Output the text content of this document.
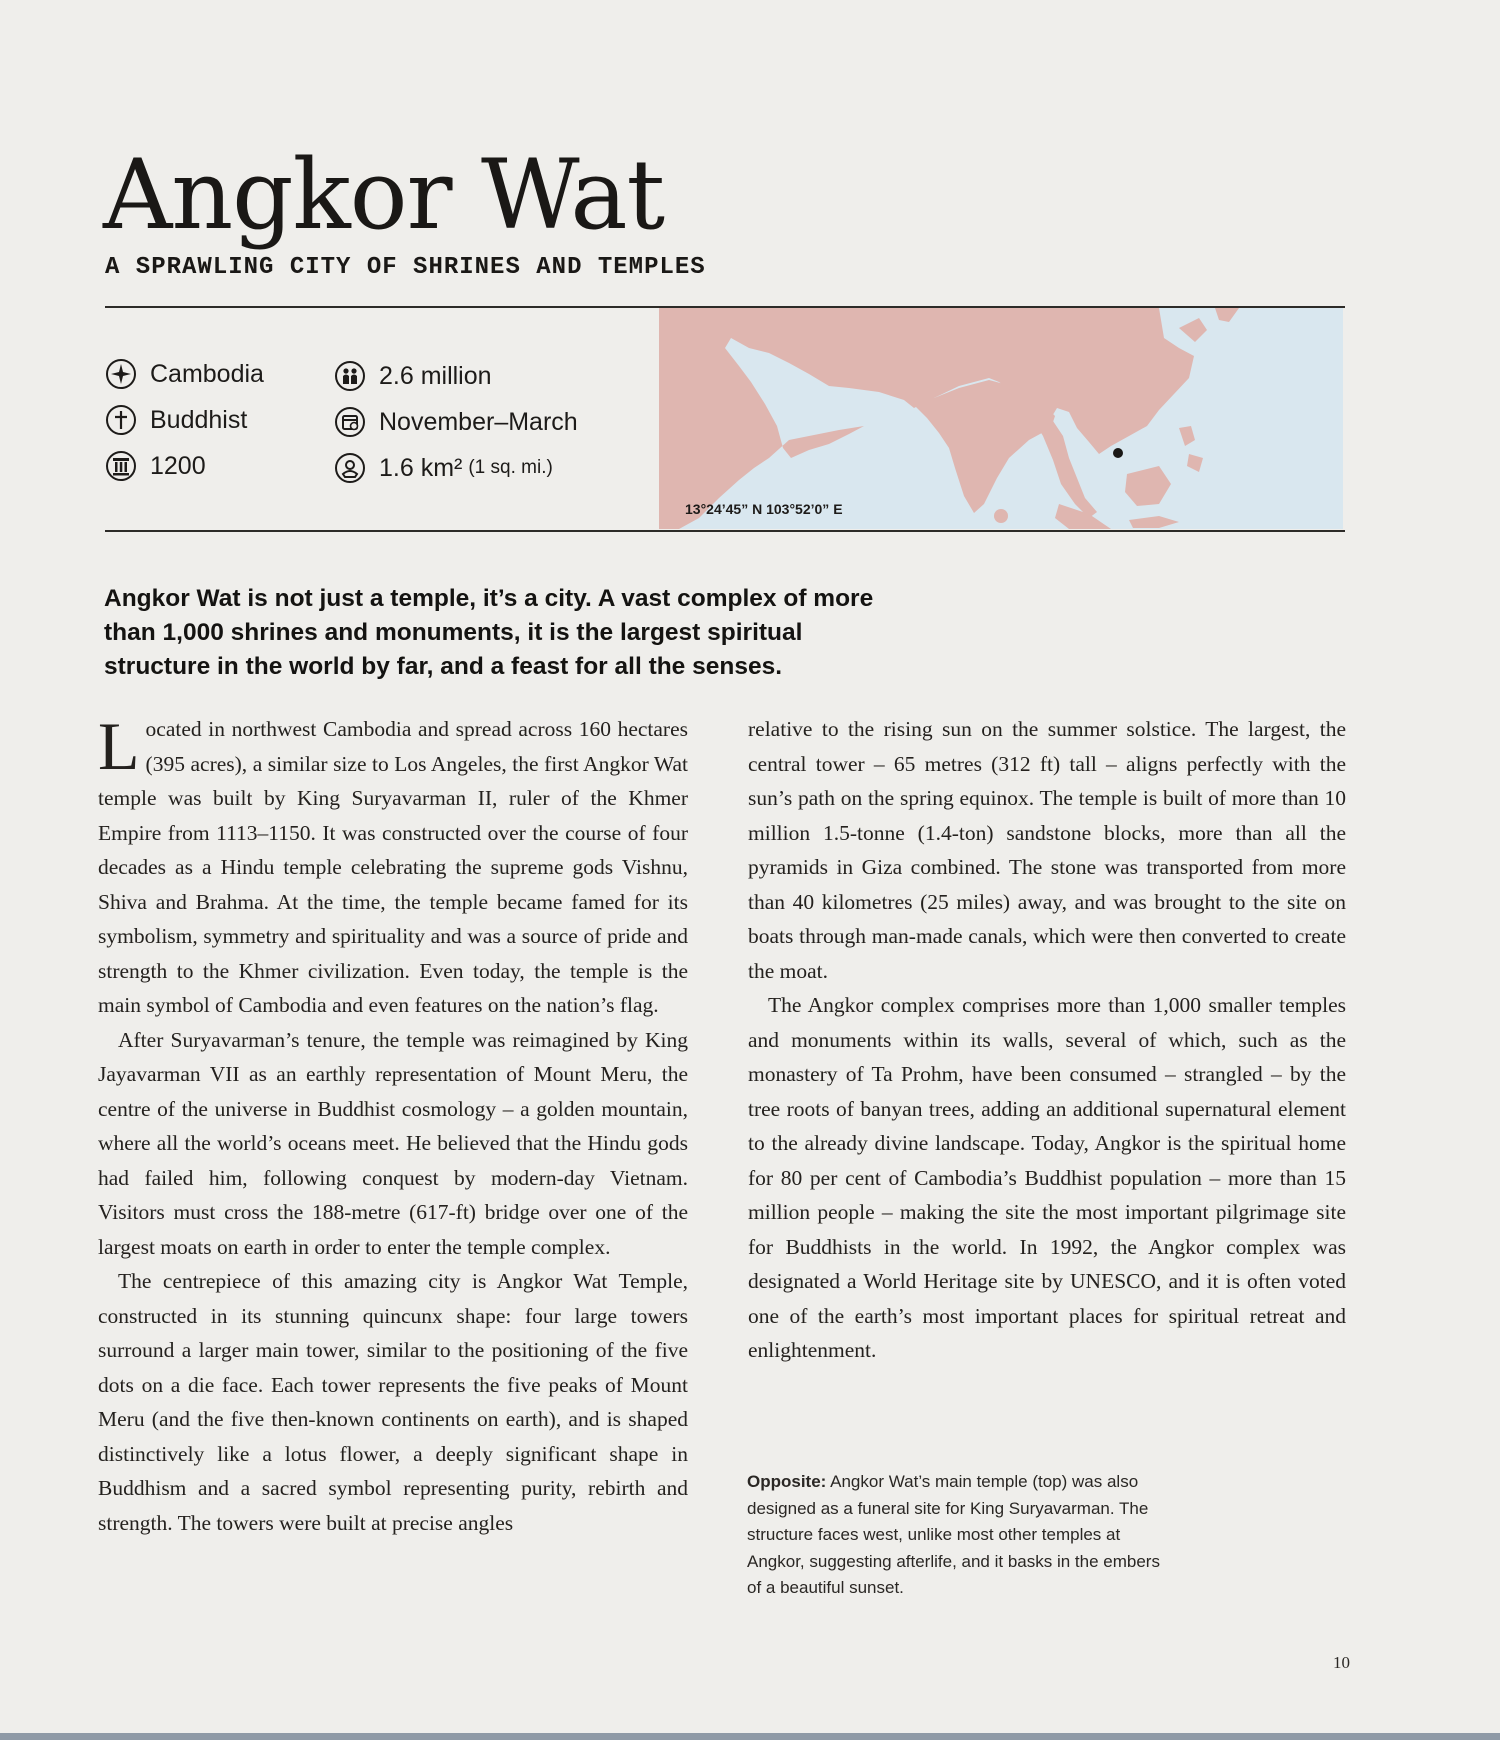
Angkor Wat
A SPRAWLING CITY OF SHRINES AND TEMPLES
Cambodia
Buddhist
1200
2.6 million
November–March
1.6 km² (1 sq. mi.)
13°24’45” N 103°52’0” E

Angkor Wat is not just a temple, it’s a city. A vast complex of more than 1,000 shrines and monuments, it is the largest spiritual structure in the world by far, and a feast for all the senses.

Located in northwest Cambodia and spread across 160 hectares (395 acres), a similar size to Los Angeles, the first Angkor Wat temple was built by King Suryavarman II, ruler of the Khmer Empire from 1113–1150. It was constructed over the course of four decades as a Hindu temple celebrating the supreme gods Vishnu, Shiva and Brahma. At the time, the temple became famed for its symbolism, symmetry and spirituality and was a source of pride and strength to the Khmer civilization. Even today, the temple is the main symbol of Cambodia and even features on the nation’s flag.

After Suryavarman’s tenure, the temple was reimagined by King Jayavarman VII as an earthly representation of Mount Meru, the centre of the universe in Buddhist cosmology – a golden mountain, where all the world’s oceans meet. He believed that the Hindu gods had failed him, following conquest by modern-day Vietnam. Visitors must cross the 188-metre (617-ft) bridge over one of the largest moats on earth in order to enter the temple complex.

The centrepiece of this amazing city is Angkor Wat Temple, constructed in its stunning quincunx shape: four large towers surround a larger main tower, similar to the positioning of the five dots on a die face. Each tower represents the five peaks of Mount Meru (and the five then-known continents on earth), and is shaped distinctively like a lotus flower, a deeply significant shape in Buddhism and a sacred symbol representing purity, rebirth and strength. The towers were built at precise angles

relative to the rising sun on the summer solstice. The largest, the central tower – 65 metres (312 ft) tall – aligns perfectly with the sun’s path on the spring equinox. The temple is built of more than 10 million 1.5-tonne (1.4-ton) sandstone blocks, more than all the pyramids in Giza combined. The stone was transported from more than 40 kilometres (25 miles) away, and was brought to the site on boats through man-made canals, which were then converted to create the moat.

The Angkor complex comprises more than 1,000 smaller temples and monuments within its walls, several of which, such as the monastery of Ta Prohm, have been consumed – strangled – by the tree roots of banyan trees, adding an additional supernatural element to the already divine landscape. Today, Angkor is the spiritual home for 80 per cent of Cambodia’s Buddhist population – more than 15 million people – making the site the most important pilgrimage site for Buddhists in the world. In 1992, the Angkor complex was designated a World Heritage site by UNESCO, and it is often voted one of the earth’s most important places for spiritual retreat and enlightenment.

Opposite: Angkor Wat’s main temple (top) was also designed as a funeral site for King Suryavarman. The structure faces west, unlike most other temples at Angkor, suggesting afterlife, and it basks in the embers of a beautiful sunset.
10
